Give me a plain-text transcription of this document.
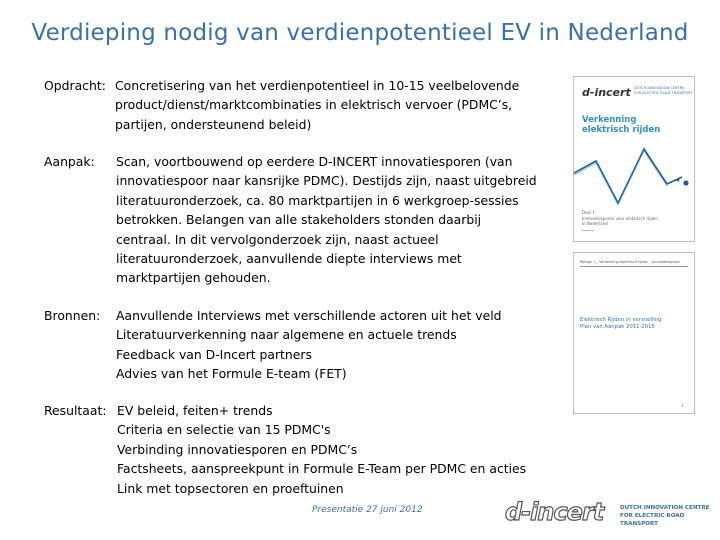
Verdieping nodig van verdienpotentieel EV in Nederland
Opdracht: Concretisering van het verdienpotentieel in 10-15 veelbelovende
product/dienst/marktcombinaties in elektrisch vervoer (PDMC’s,
partijen, ondersteunend beleid)
Aanpak:	Scan, voortbouwend op eerdere D-INCERT innovatiesporen (van
innovatiespoor naar kansrijke PDMC). Destijds zijn, naast uitgebreid
literatuuronderzoek, ca. 80 marktpartijen in 6 werkgroep-sessies
betrokken. Belangen van alle stakeholders stonden daarbij
centraal. In dit vervolgonderzoek zijn, naast actueel
literatuuronderzoek, aanvullende diepte interviews met
marktpartijen gehouden.
Bronnen:	Aanvullende Interviews met verschillende actoren uit het veld
Literatuurverkenning naar algemene en actuele trends
Feedback van D-Incert partners
Advies van het Formule E-team (FET)
Resultaat: EV beleid, feiten+ trends
Criteria en selectie van 15 PDMC's
Verbinding innovatiesporen en PDMC’s
Factsheets, aanspreekpunt in Formule E-Team per PDMC en acties
Link met topsectoren en proeftuinen
d-incert DUTCH INNOVATION CENTRE
FOR ELECTRIC ROAD TRANSPORT
Verkenning
elektrisch rijden
Deel 1
Innovatiesporen voor elektrisch rijden
in Nederland
Bijlage 1 – Verkenning elektrisch rijden – Innovatiesporen
Elektrisch Rijden in versnelling
Plan van Aanpak 2011-2015
1
Presentatie 27 juni 2012	d-incert	DUTCH INNOVATION CENTRE
FOR ELECTRIC ROAD TRANSPORT
